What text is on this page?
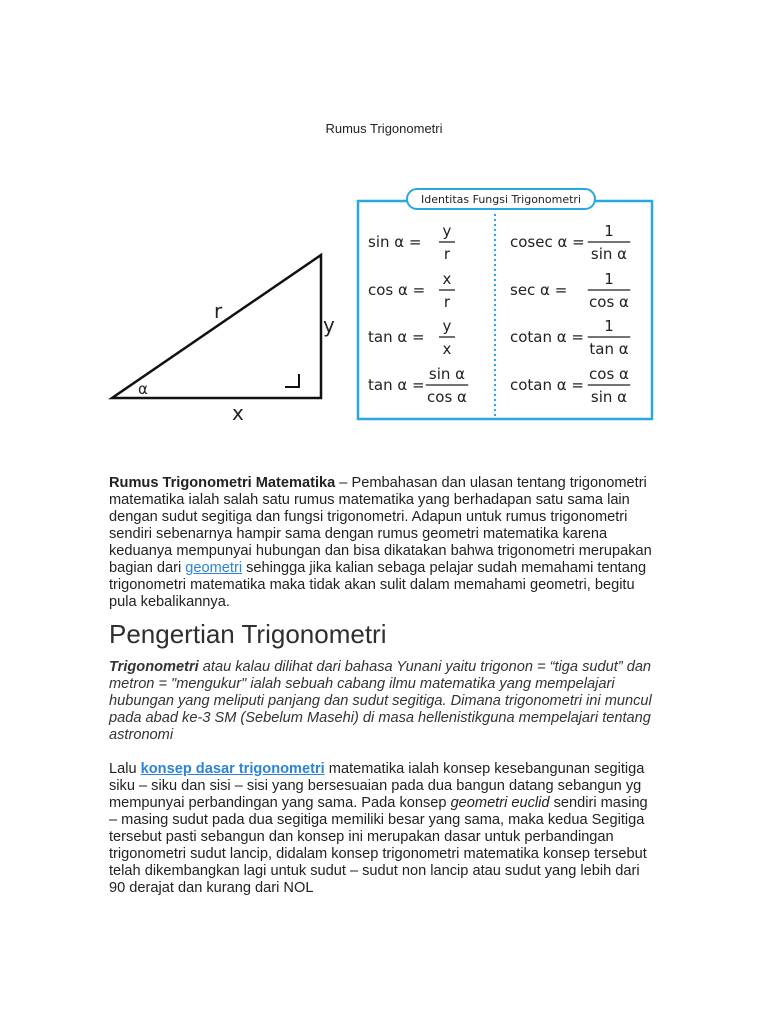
Rumus Trigonometri
α
r
y
x
Identitas Fungsi Trigonometri
sin α =
y
r
cos α =
x
r
tan α =
y
x
tan α =
sin α
cos α
cosec α =
1
sin α
sec α =
1
cos α
cotan α =
1
tan α
cotan α =
cos α
sin α
Rumus Trigonometri Matematika – Pembahasan dan ulasan tentang trigonometri matematika ialah salah satu rumus matematika yang berhadapan satu sama lain dengan sudut segitiga dan fungsi trigonometri. Adapun untuk rumus trigonometri sendiri sebenarnya hampir sama dengan rumus geometri matematika karena keduanya mempunyai hubungan dan bisa dikatakan bahwa trigonometri merupakan bagian dari geometri sehingga jika kalian sebaga pelajar sudah memahami tentang trigonometri matematika maka tidak akan sulit dalam memahami geometri, begitu pula kebalikannya.
Pengertian Trigonometri
Trigonometri atau kalau dilihat dari bahasa Yunani yaitu trigonon = “tiga sudut” dan metron = "mengukur" ialah sebuah cabang ilmu matematika yang mempelajari hubungan yang meliputi panjang dan sudut segitiga. Dimana trigonometri ini muncul pada abad ke-3 SM (Sebelum Masehi) di masa hellenistikguna mempelajari tentang astronomi
Lalu konsep dasar trigonometri matematika ialah konsep kesebangunan segitiga siku – siku dan sisi – sisi yang bersesuaian pada dua bangun datang sebangun yg mempunyai perbandingan yang sama. Pada konsep geometri euclid sendiri masing – masing sudut pada dua segitiga memiliki besar yang sama, maka kedua Segitiga tersebut pasti sebangun dan konsep ini merupakan dasar untuk perbandingan trigonometri sudut lancip, didalam konsep trigonometri matematika konsep tersebut telah dikembangkan lagi untuk sudut – sudut non lancip atau sudut yang lebih dari 90 derajat dan kurang dari NOL
